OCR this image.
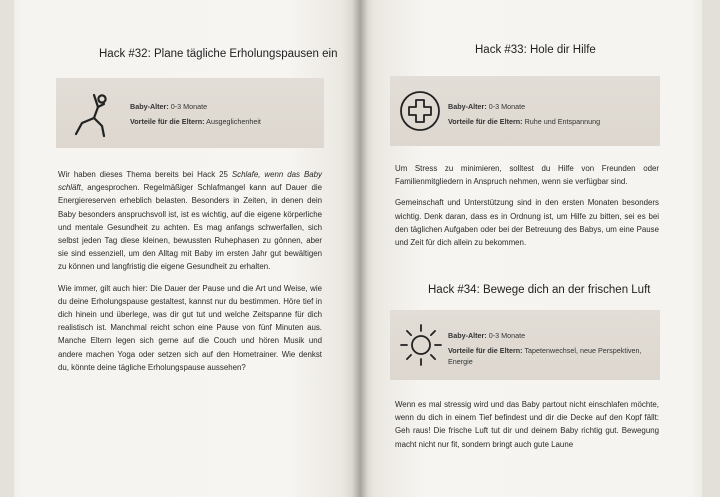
Hack #32: Plane tägliche Erholungspausen ein
Baby-Alter: 0-3 Monate
Vorteile für die Eltern: Ausgeglichenheit

Wir haben dieses Thema bereits bei Hack 25 Schlafe, wenn das Baby schläft, angesprochen. Regelmäßiger Schlafmangel kann auf Dauer die Energiereserven erheblich belasten. Besonders in Zeiten, in denen dein Baby besonders anspruchsvoll ist, ist es wichtig, auf die eigene körperliche und mentale Gesundheit zu achten. Es mag anfangs schwerfallen, sich selbst jeden Tag diese kleinen, bewussten Ruhephasen zu gönnen, aber sie sind essenziell, um den Alltag mit Baby im ersten Jahr gut bewältigen zu können und langfristig die eigene Gesundheit zu erhalten.

Wie immer, gilt auch hier: Die Dauer der Pause und die Art und Weise, wie du deine Erholungspause gestaltest, kannst nur du bestimmen. Höre tief in dich hinein und überlege, was dir gut tut und welche Zeitspanne für dich realistisch ist. Manchmal reicht schon eine Pause von fünf Minuten aus. Manche Eltern legen sich gerne auf die Couch und hören Musik und andere machen Yoga oder setzen sich auf den Hometrainer. Wie denkst du, könnte deine tägliche Erholungspause aussehen?

Hack #33: Hole dir Hilfe
Baby-Alter: 0-3 Monate
Vorteile für die Eltern: Ruhe und Entspannung

Um Stress zu minimieren, solltest du Hilfe von Freunden oder Familienmitgliedern in Anspruch nehmen, wenn sie verfügbar sind.

Gemeinschaft und Unterstützung sind in den ersten Monaten besonders wichtig. Denk daran, dass es in Ordnung ist, um Hilfe zu bitten, sei es bei den täglichen Aufgaben oder bei der Betreuung des Babys, um eine Pause und Zeit für dich allein zu bekommen.

Hack #34: Bewege dich an der frischen Luft
Baby-Alter: 0-3 Monate
Vorteile für die Eltern: Tapetenwechsel, neue Perspektiven, Energie

Wenn es mal stressig wird und das Baby partout nicht einschlafen möchte, wenn du dich in einem Tief befindest und dir die Decke auf den Kopf fällt: Geh raus! Die frische Luft tut dir und deinem Baby richtig gut. Bewegung macht nicht nur fit, sondern bringt auch gute Laune
